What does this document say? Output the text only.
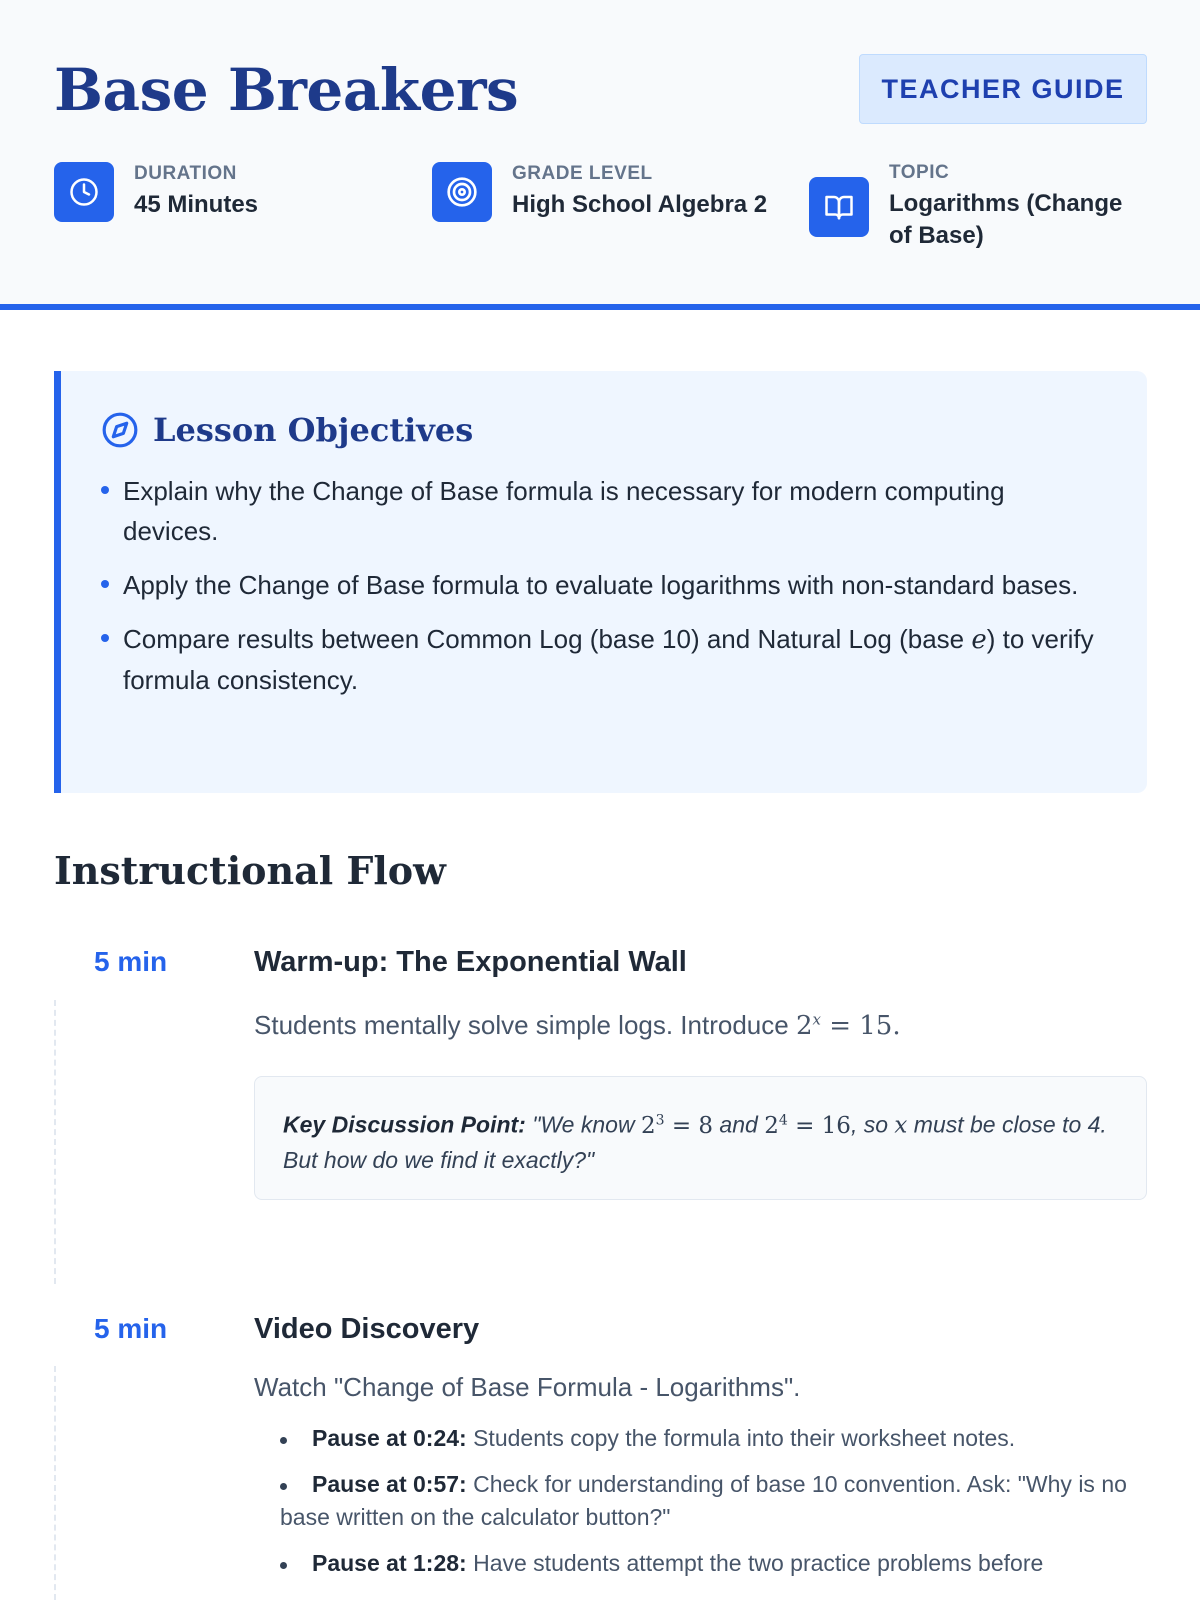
Base Breakers	TEACHER GUIDE
DURATION
45 Minutes
GRADE LEVEL
High School Algebra 2
TOPIC
Logarithms (Change of Base)
Lesson Objectives
Explain why the Change of Base formula is necessary for modern computing devices.
Apply the Change of Base formula to evaluate logarithms with non-standard bases.
Compare results between Common Log (base 10) and Natural Log (base e) to verify formula consistency.
Instructional Flow
5 min	Warm-up: The Exponential Wall

Students mentally solve simple logs. Introduce $2^x = 15$.

Key Discussion Point: "We know $2^3 = 8$ and $2^4 = 16$, so x must be close to 4. But how do we find it exactly?"
5 min	Video Discovery

Watch "Change of Base Formula - Logarithms".

Pause at 0:24: Students copy the formula into their worksheet notes.
Pause at 0:57: Check for understanding of base 10 convention. Ask: "Why is no base written on the calculator button?"
Pause at 1:28: Have students attempt the two practice problems before
